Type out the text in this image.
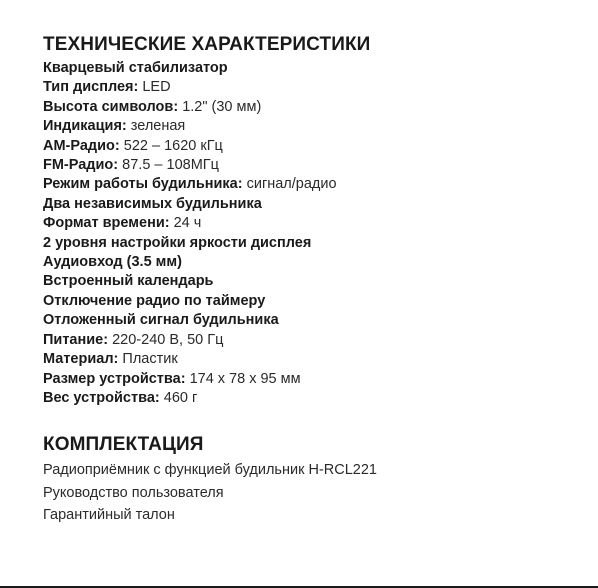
ТЕХНИЧЕСКИЕ ХАРАКТЕРИСТИКИ
Кварцевый стабилизатор
Тип дисплея: LED
Высота символов: 1.2" (30 мм)
Индикация: зеленая
АМ-Радио: 522 – 1620 кГц
FM-Радио: 87.5 – 108МГц
Режим работы будильника: сигнал/радио
Два независимых будильника
Формат времени: 24 ч
2 уровня настройки яркости дисплея
Аудиовход (3.5 мм)
Встроенный календарь
Отключение радио по таймеру
Отложенный сигнал будильника
Питание: 220-240 В, 50 Гц
Материал: Пластик
Размер устройства: 174 x 78 x 95 мм
Вес устройства: 460 г
КОМПЛЕКТАЦИЯ
Радиоприёмник с функцией будильник H-RCL221
Руководство пользователя
Гарантийный талон
